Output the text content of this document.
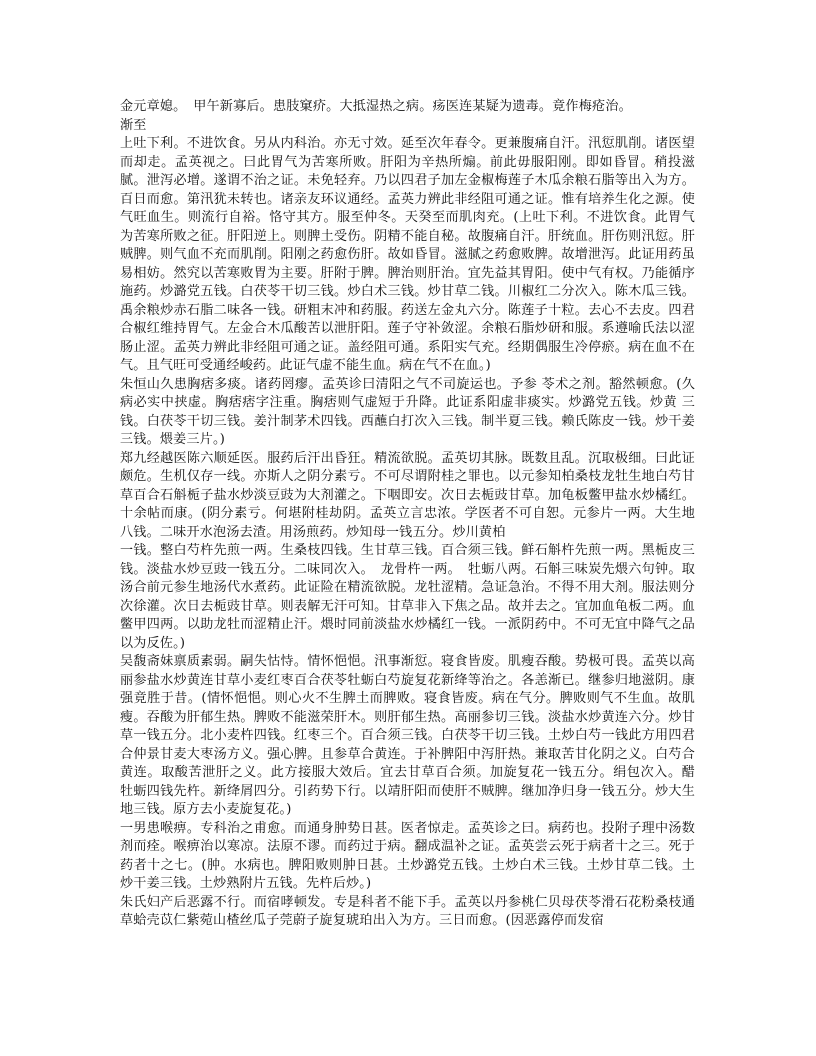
金元章媳。　甲午新寡后。患肢窠疥。大抵湿热之病。疡医连某疑为遗毒。竟作梅疮治。
渐至
上吐下利。不进饮食。另从内科治。亦无寸效。延至次年春令。更兼腹痛自汗。汛愆肌削。诸医望而却走。孟英视之。曰此胃气为苦寒所败。肝阳为辛热所煽。前此毋服阳刚。即如昏冒。稍投滋腻。泄泻必增。遂谓不治之证。未免轻弃。乃以四君子加左金椒梅莲子木瓜余粮石脂等出入为方。百日而愈。第汛犹未转也。诸亲友环议通经。孟英力辨此非经阻可通之证。惟有培养生化之源。使气旺血生。则流行自裕。恪守其方。服至仲冬。天癸至而肌肉充。(上吐下利。不进饮食。此胃气为苦寒所败之征。肝阳逆上。则脾土受伤。阴精不能自秘。故腹痛自汗。肝统血。肝伤则汛愆。肝贼脾。则气血不充而肌削。阳刚之药愈伤肝。故如昏冒。滋腻之药愈败脾。故增泄泻。此证用药虽易相妨。然究以苦寒败胃为主要。肝附于脾。脾治则肝治。宜先益其胃阳。使中气有权。乃能循序施药。炒潞党五钱。白茯苓干切三钱。炒白术三钱。炒甘草二钱。川椒红二分次入。陈木瓜三钱。禹余粮炒赤石脂二味各一钱。研粗末冲和药服。药送左金丸六分。陈莲子十粒。去心不去皮。四君合椒红维持胃气。左金合木瓜酸苦以泄肝阳。莲子守补敛涩。余粮石脂炒研和服。系遵喻氏法以涩肠止涩。孟英力辨此非经阻可通之证。盖经阻可通。系阳实气充。经期偶服生冷停瘀。病在血不在气。且气旺可受通经峻药。此证气虚不能生血。病在气不在血。)
朱恒山久患胸痞多痰。诸药罔瘳。孟英诊曰清阳之气不司旋运也。予参 苓术之剂。豁然顿愈。(久病必实中挟虚。胸痞痞字注重。胸痞则气虚短于升降。此证系阳虚非痰实。炒潞党五钱。炒黄 三钱。白茯苓干切三钱。姜汁制茅术四钱。西蘸白打次入三钱。制半夏三钱。赖氏陈皮一钱。炒干姜三钱。煨姜三片。)
郑九经越医陈六顺延医。服药后汗出昏狂。精流欲脱。孟英切其脉。既数且乱。沉取极细。曰此证颇危。生机仅存一线。亦斯人之阴分素亏。不可尽谓附桂之罪也。以元参知柏桑枝龙牡生地白芍甘草百合石斛栀子盐水炒淡豆豉为大剂灌之。下咽即安。次日去栀豉甘草。加龟板鳖甲盐水炒橘红。十余帖而康。(阴分素亏。何堪附桂劫阴。孟英立言忠浓。学医者不可自恕。元参片一两。大生地八钱。二味开水泡汤去渣。用汤煎药。炒知母一钱五分。炒川黄柏
一钱。整白芍杵先煎一两。生桑枝四钱。生甘草三钱。百合须三钱。鲜石斛杵先煎一两。黑栀皮三钱。淡盐水炒豆豉一钱五分。二味同次入。　龙骨杵一两。　牡蛎八两。石斛三味炭先煨六句钟。取汤合前元参生地汤代水煮药。此证险在精流欲脱。龙牡涩精。急证急治。不得不用大剂。服法则分次徐灌。次日去栀豉甘草。则表解无汗可知。甘草非入下焦之品。故并去之。宜加血龟板二两。血鳖甲四两。以助龙牡而涩精止汗。煨时同前淡盐水炒橘红一钱。一派阴药中。不可无宜中降气之品以为反佐。)
吴馥斋妹禀质素弱。嗣失怙恃。情怀悒悒。汛事渐愆。寝食皆废。肌瘦吞酸。势极可畏。孟英以高丽参盐水炒黄连甘草小麦红枣百合茯苓牡蛎白芍旋复花新绛等治之。各恙渐已。继参归地滋阴。康强竟胜于昔。(情怀悒悒。则心火不生脾土而脾败。寝食皆废。病在气分。脾败则气不生血。故肌瘦。吞酸为肝郁生热。脾败不能滋荣肝木。则肝郁生热。高丽参切三钱。淡盐水炒黄连六分。炒甘草一钱五分。北小麦杵四钱。红枣三个。百合须三钱。白茯苓干切三钱。土炒白芍一钱此方用四君合仲景甘麦大枣汤方义。强心脾。且参草合黄连。于补脾阳中泻肝热。兼取苦甘化阴之义。白芍合黄连。取酸苦泄肝之义。此方接服大效后。宜去甘草百合须。加旋复花一钱五分。绢包次入。醋 牡蛎四钱先杵。新绛屑四分。引药势下行。以靖肝阳而使肝不贼脾。继加净归身一钱五分。炒大生地三钱。原方去小麦旋复花。)
一男患喉痹。专科治之甫愈。而通身肿势日甚。医者惊走。孟英诊之曰。病药也。投附子理中汤数剂而痊。喉痹治以寒凉。法原不谬。而药过于病。翻成温补之证。孟英尝云死于病者十之三。死于药者十之七。(肿。水病也。脾阳败则肿日甚。土炒潞党五钱。土炒白术三钱。土炒甘草二钱。土炒干姜三钱。土炒熟附片五钱。先杵后炒。)
朱氏妇产后恶露不行。而宿哮顿发。专是科者不能下手。孟英以丹参桃仁贝母茯苓滑石花粉桑枝通草蛤壳苡仁紫菀山楂丝瓜子莞蔚子旋复琥珀出入为方。三日而愈。(因恶露停而发宿
